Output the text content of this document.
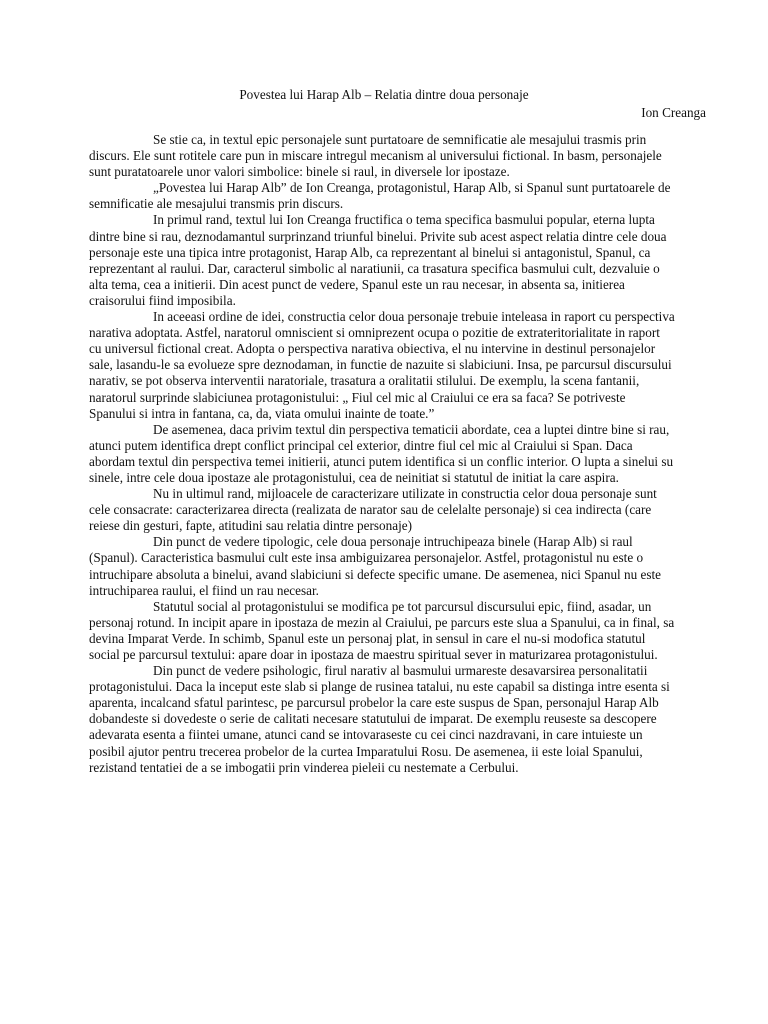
Povestea lui Harap Alb – Relatia dintre doua personaje
Ion Creanga

Se stie ca, in textul epic personajele sunt purtatoare de semnificatie ale mesajului trasmis prin discurs. Ele sunt rotitele care pun in miscare intregul mecanism al universului fictional. In basm, personajele sunt puratatoarele unor valori simbolice: binele si raul, in diversele lor ipostaze.

„Povestea lui Harap Alb” de Ion Creanga, protagonistul, Harap Alb, si Spanul sunt purtatoarele de semnificatie ale mesajului transmis prin discurs.

In primul rand, textul lui Ion Creanga fructifica o tema specifica basmului popular, eterna lupta dintre bine si rau, deznodamantul surprinzand triunful binelui. Privite sub acest aspect relatia dintre cele doua personaje este una tipica intre protagonist, Harap Alb, ca reprezentant al binelui si antagonistul, Spanul, ca reprezentant al raului. Dar, caracterul simbolic al naratiunii, ca trasatura specifica basmului cult, dezvaluie o alta tema, cea a initierii. Din acest punct de vedere, Spanul este un rau necesar, in absenta sa, initierea craisorului fiind imposibila.

In aceeasi ordine de idei, constructia celor doua personaje trebuie inteleasa in raport cu perspectiva narativa adoptata. Astfel, naratorul omniscient si omniprezent ocupa o pozitie de extrateritorialitate in raport cu universul fictional creat. Adopta o perspectiva narativa obiectiva, el nu intervine in destinul personajelor sale, lasandu-le sa evolueze spre deznodaman, in functie de nazuite si slabiciuni. Insa, pe parcursul discursului narativ, se pot observa interventii naratoriale, trasatura a oralitatii stilului. De exemplu, la scena fantanii, naratorul surprinde slabiciunea protagonistului: „ Fiul cel mic al Craiului ce era sa faca? Se potriveste Spanului si intra in fantana, ca, da, viata omului inainte de toate.”

De asemenea, daca privim textul din perspectiva tematicii abordate, cea a luptei dintre bine si rau, atunci putem identifica drept conflict principal cel exterior, dintre fiul cel mic al Craiului si Span. Daca abordam textul din perspectiva temei initierii, atunci putem identifica si un conflic interior. O lupta a sinelui su sinele, intre cele doua ipostaze ale protagonistului, cea de neinitiat si statutul de initiat la care aspira.

Nu in ultimul rand, mijloacele de caracterizare utilizate in constructia celor doua personaje sunt cele consacrate: caracterizarea directa (realizata de narator sau de celelalte personaje) si cea indirecta (care reiese din gesturi, fapte, atitudini sau relatia dintre personaje)

Din punct de vedere tipologic, cele doua personaje intruchipeaza binele (Harap Alb) si raul (Spanul). Caracteristica basmului cult este insa ambiguizarea personajelor. Astfel, protagonistul nu este o intruchipare absoluta a binelui, avand slabiciuni si defecte specific umane. De asemenea, nici Spanul nu este intruchiparea raului, el fiind un rau necesar.

Statutul social al protagonistului se modifica pe tot parcursul discursului epic, fiind, asadar, un personaj rotund. In incipit apare in ipostaza de mezin al Craiului, pe parcurs este slua a Spanului, ca in final, sa devina Imparat Verde. In schimb, Spanul este un personaj plat, in sensul in care el nu-si modofica statutul social pe parcursul textului: apare doar in ipostaza de maestru spiritual sever in maturizarea protagonistului.

Din punct de vedere psihologic, firul narativ al basmului urmareste desavarsirea personalitatii protagonistului. Daca la inceput este slab si plange de rusinea tatalui, nu este capabil sa distinga intre esenta si aparenta, incalcand sfatul parintesc, pe parcursul probelor la care este suspus de Span, personajul Harap Alb dobandeste si dovedeste o serie de calitati necesare statutului de imparat. De exemplu reuseste sa descopere adevarata esenta a fiintei umane, atunci cand se intovaraseste cu cei cinci nazdravani, in care intuieste un posibil ajutor pentru trecerea probelor de la curtea Imparatului Rosu. De asemenea, ii este loial Spanului, rezistand tentatiei de a se imbogatii prin vinderea pieleii cu nestemate a Cerbului.
